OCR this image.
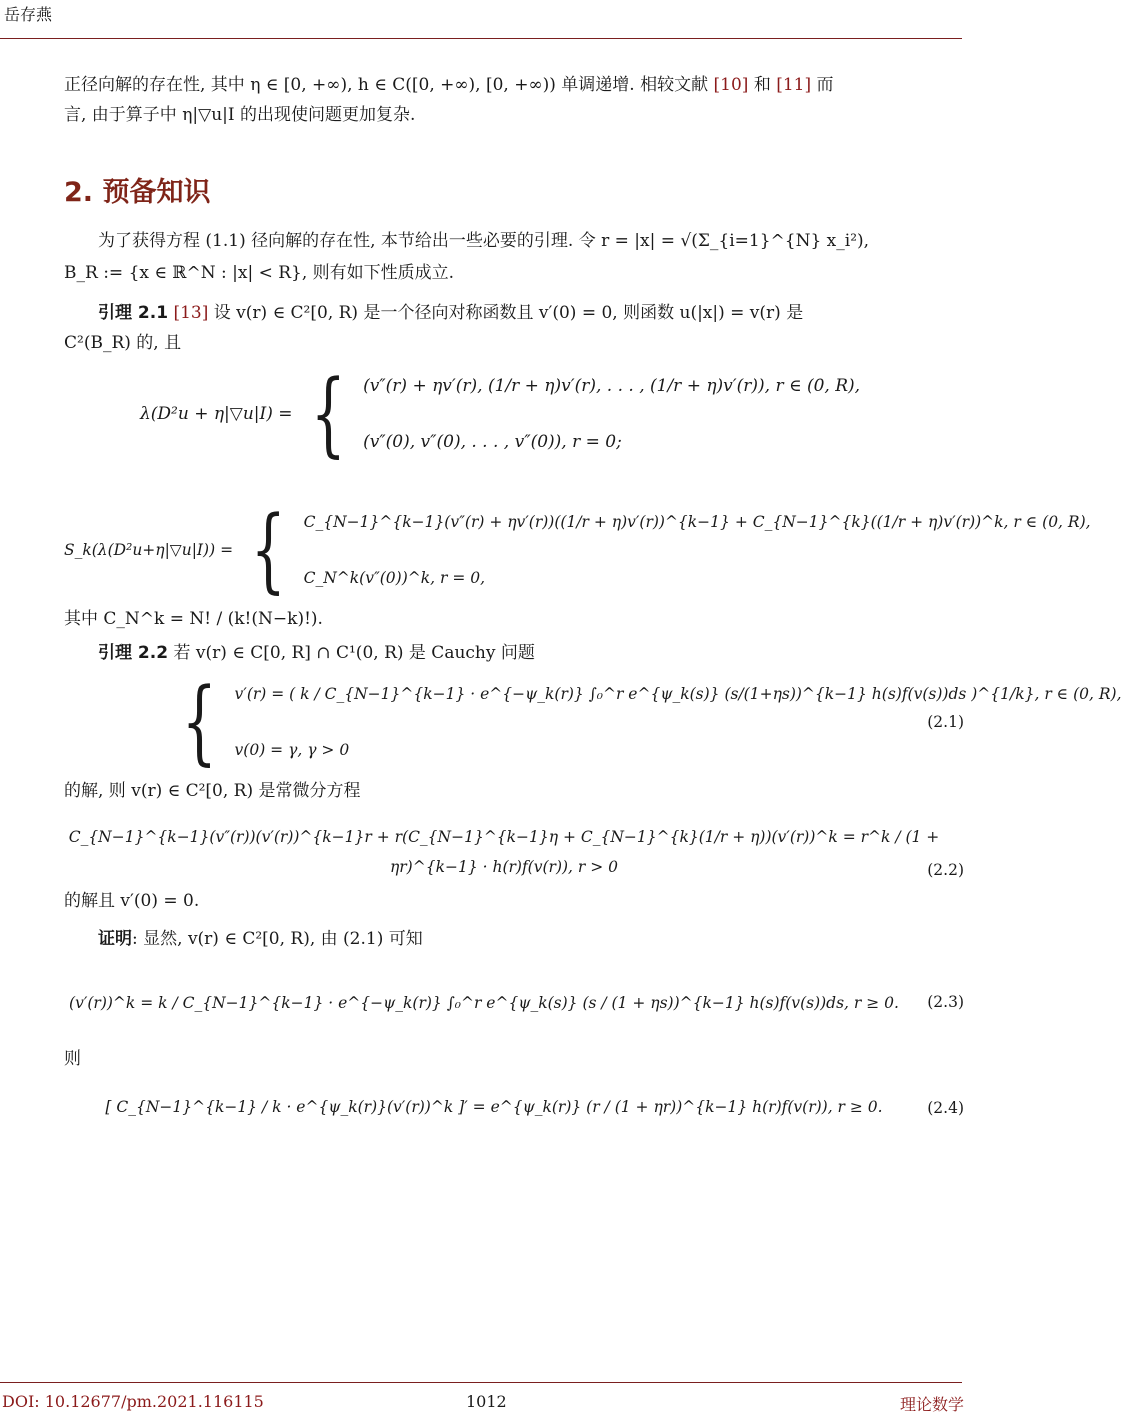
岳存燕

正径向解的存在性, 其中 η ∈ [0, +∞), h ∈ C([0, +∞), [0, +∞)) 单调递增. 相较文献 [10] 和 [11] 而
言, 由于算子中 η|▽u|I 的出现使问题更加复杂.

2. 预备知识

为了获得方程 (1.1) 径向解的存在性, 本节给出一些必要的引理. 令 r = |x| = √(Σ_{i=1}^{N} x_i²),

B_R := {x ∈ ℝ^N : |x| < R}, 则有如下性质成立.

引理 2.1 [13] 设 v(r) ∈ C²[0, R) 是一个径向对称函数且 v′(0) = 0, 则函数 u(|x|) = v(r) 是

C²(B_R) 的, 且

λ(D²u + η|▽u|I) = { (v″(r) + ηv′(r), (1/r + η)v′(r), . . . , (1/r + η)v′(r)), r ∈ (0, R),
(v″(0), v″(0), . . . , v″(0)), r = 0;
S_k(λ(D²u+η|▽u|I)) = { C_{N−1}^{k−1}(v″(r) + ηv′(r))((1/r + η)v′(r))^{k−1} + C_{N−1}^{k}((1/r + η)v′(r))^k, r ∈ (0, R),
C_N^k(v″(0))^k, r = 0,

其中 C_N^k = N! / (k!(N−k)!).

引理 2.2 若 v(r) ∈ C[0, R] ∩ C¹(0, R) 是 Cauchy 问题

{ v′(r) = ( k / C_{N−1}^{k−1} · e^{−ψ_k(r)} ∫₀^r e^{ψ_k(s)} (s/(1+ηs))^{k−1} h(s)f(v(s))ds )^{1/k}, r ∈ (0, R),
v(0) = γ, γ > 0
(2.1)

的解, 则 v(r) ∈ C²[0, R) 是常微分方程

C_{N−1}^{k−1}(v″(r))(v′(r))^{k−1}r + r(C_{N−1}^{k−1}η + C_{N−1}^{k}(1/r + η))(v′(r))^k = r^k / (1 + ηr)^{k−1} · h(r)f(v(r)), r > 0	(2.2)

的解且 v′(0) = 0.

证明: 显然, v(r) ∈ C²[0, R), 由 (2.1) 可知

(v′(r))^k = k / C_{N−1}^{k−1} · e^{−ψ_k(r)} ∫₀^r e^{ψ_k(s)} (s / (1 + ηs))^{k−1} h(s)f(v(s))ds, r ≥ 0.	(2.3)

则

[ C_{N−1}^{k−1} / k · e^{ψ_k(r)}(v′(r))^k ]′ = e^{ψ_k(r)} (r / (1 + ηr))^{k−1} h(r)f(v(r)), r ≥ 0.	(2.4)
DOI: 10.12677/pm.2021.116115	1012	理论数学
